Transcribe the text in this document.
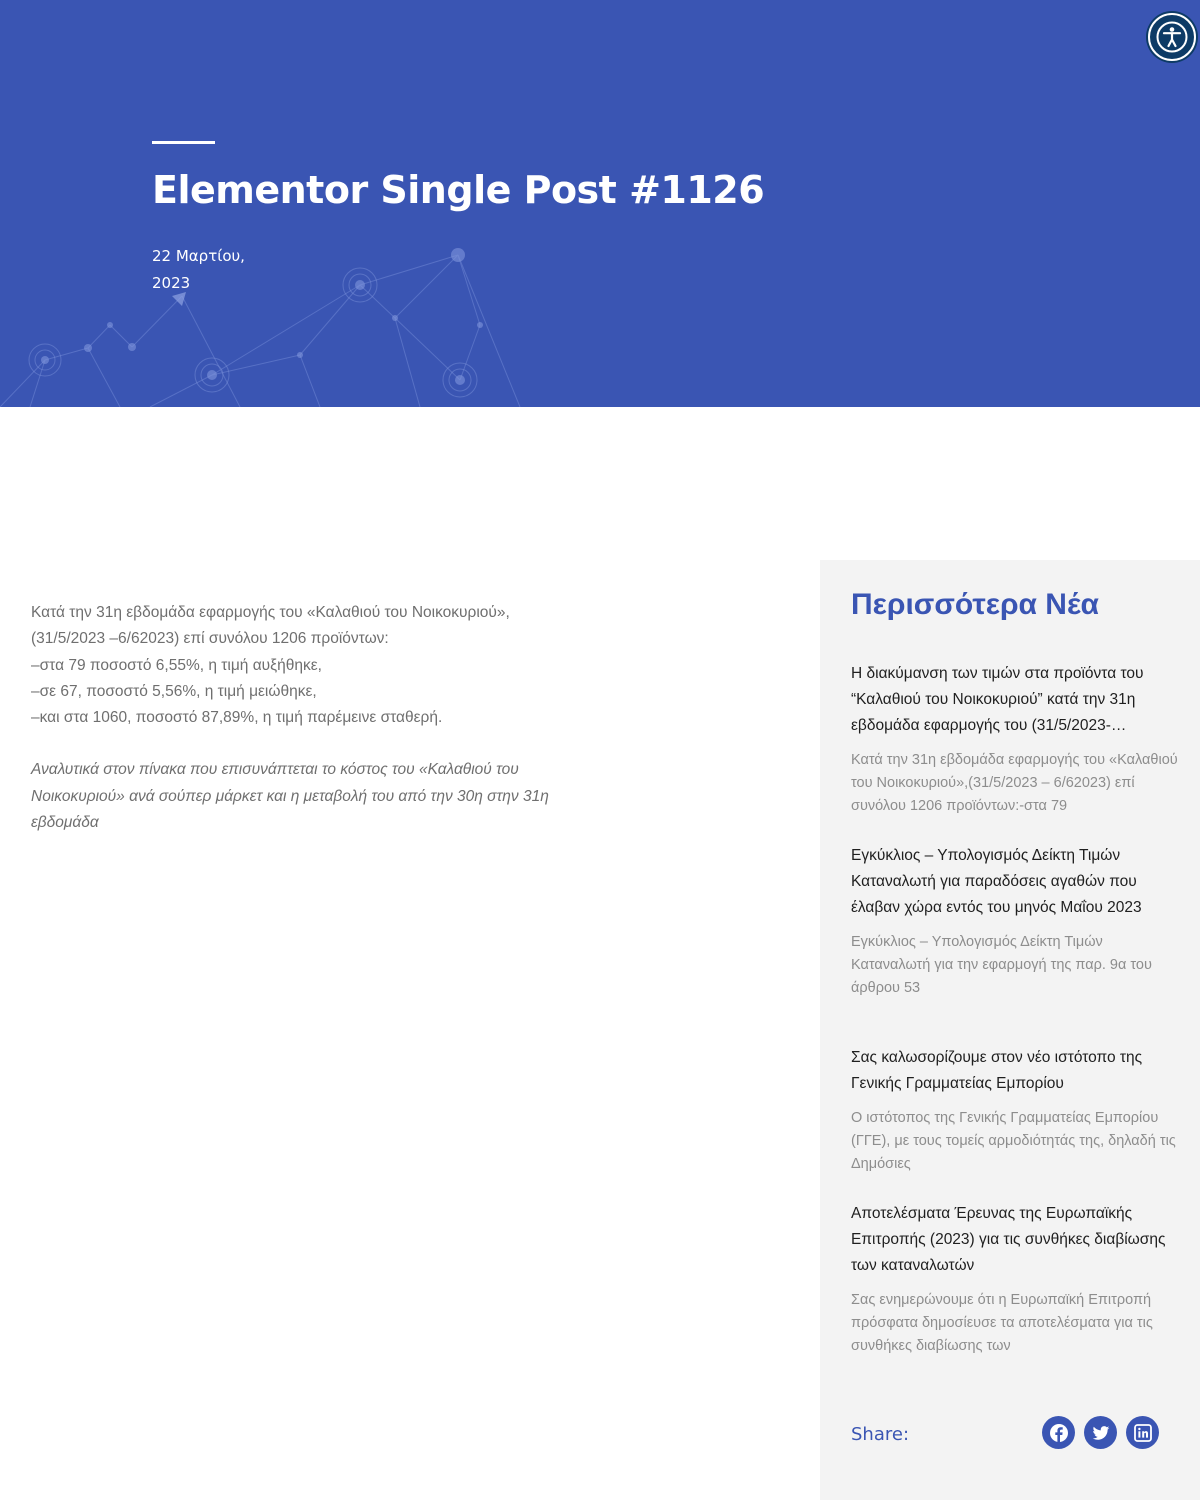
Elementor Single Post #1126
22 Μαρτίου,
2023

Κατά την 31η εβδομάδα εφαρμογής του «Καλαθιού του Νοικοκυριού»,

(31/5/2023 –6/62023) επί συνόλου 1206 προϊόντων:

–στα 79 ποσοστό 6,55%, η τιμή αυξήθηκε,

–σε 67, ποσοστό 5,56%, η τιμή μειώθηκε,

–και στα 1060, ποσοστό 87,89%, η τιμή παρέμεινε σταθερή.

Αναλυτικά στον πίνακα που επισυνάπτεται το κόστος του «Καλαθιού του Νοικοκυριού» ανά σούπερ μάρκετ και η μεταβολή του από την 30η στην 31η εβδομάδα

Περισσότερα Νέα
Η διακύμανση των τιμών στα προϊόντα του “Καλαθιού του Νοικοκυριού” κατά την 31η εβδομάδα εφαρμογής του (31/5/2023-…
Κατά την 31η εβδομάδα εφαρμογής του «Καλαθιού του Νοικοκυριού»,(31/5/2023 – 6/62023) επί συνόλου 1206 προϊόντων:-στα 79
Εγκύκλιος – Υπολογισμός Δείκτη Τιμών Καταναλωτή για παραδόσεις αγαθών που έλαβαν χώρα εντός του μηνός Μαΐου 2023
Εγκύκλιος – Υπολογισμός Δείκτη Τιμών Καταναλωτή για την εφαρμογή της παρ. 9α του άρθρου 53
Σας καλωσορίζουμε στον νέο ιστότοπο της Γενικής Γραμματείας Εμπορίου
Ο ιστότοπος της Γενικής Γραμματείας Εμπορίου (ΓΓΕ), με τους τομείς αρμοδιότητάς της, δηλαδή τις Δημόσιες
Αποτελέσματα Έρευνας της Ευρωπαϊκής Επιτροπής (2023) για τις συνθήκες διαβίωσης των καταναλωτών
Σας ενημερώνουμε ότι η Ευρωπαϊκή Επιτροπή πρόσφατα δημοσίευσε τα αποτελέσματα για τις συνθήκες διαβίωσης των
Share:
